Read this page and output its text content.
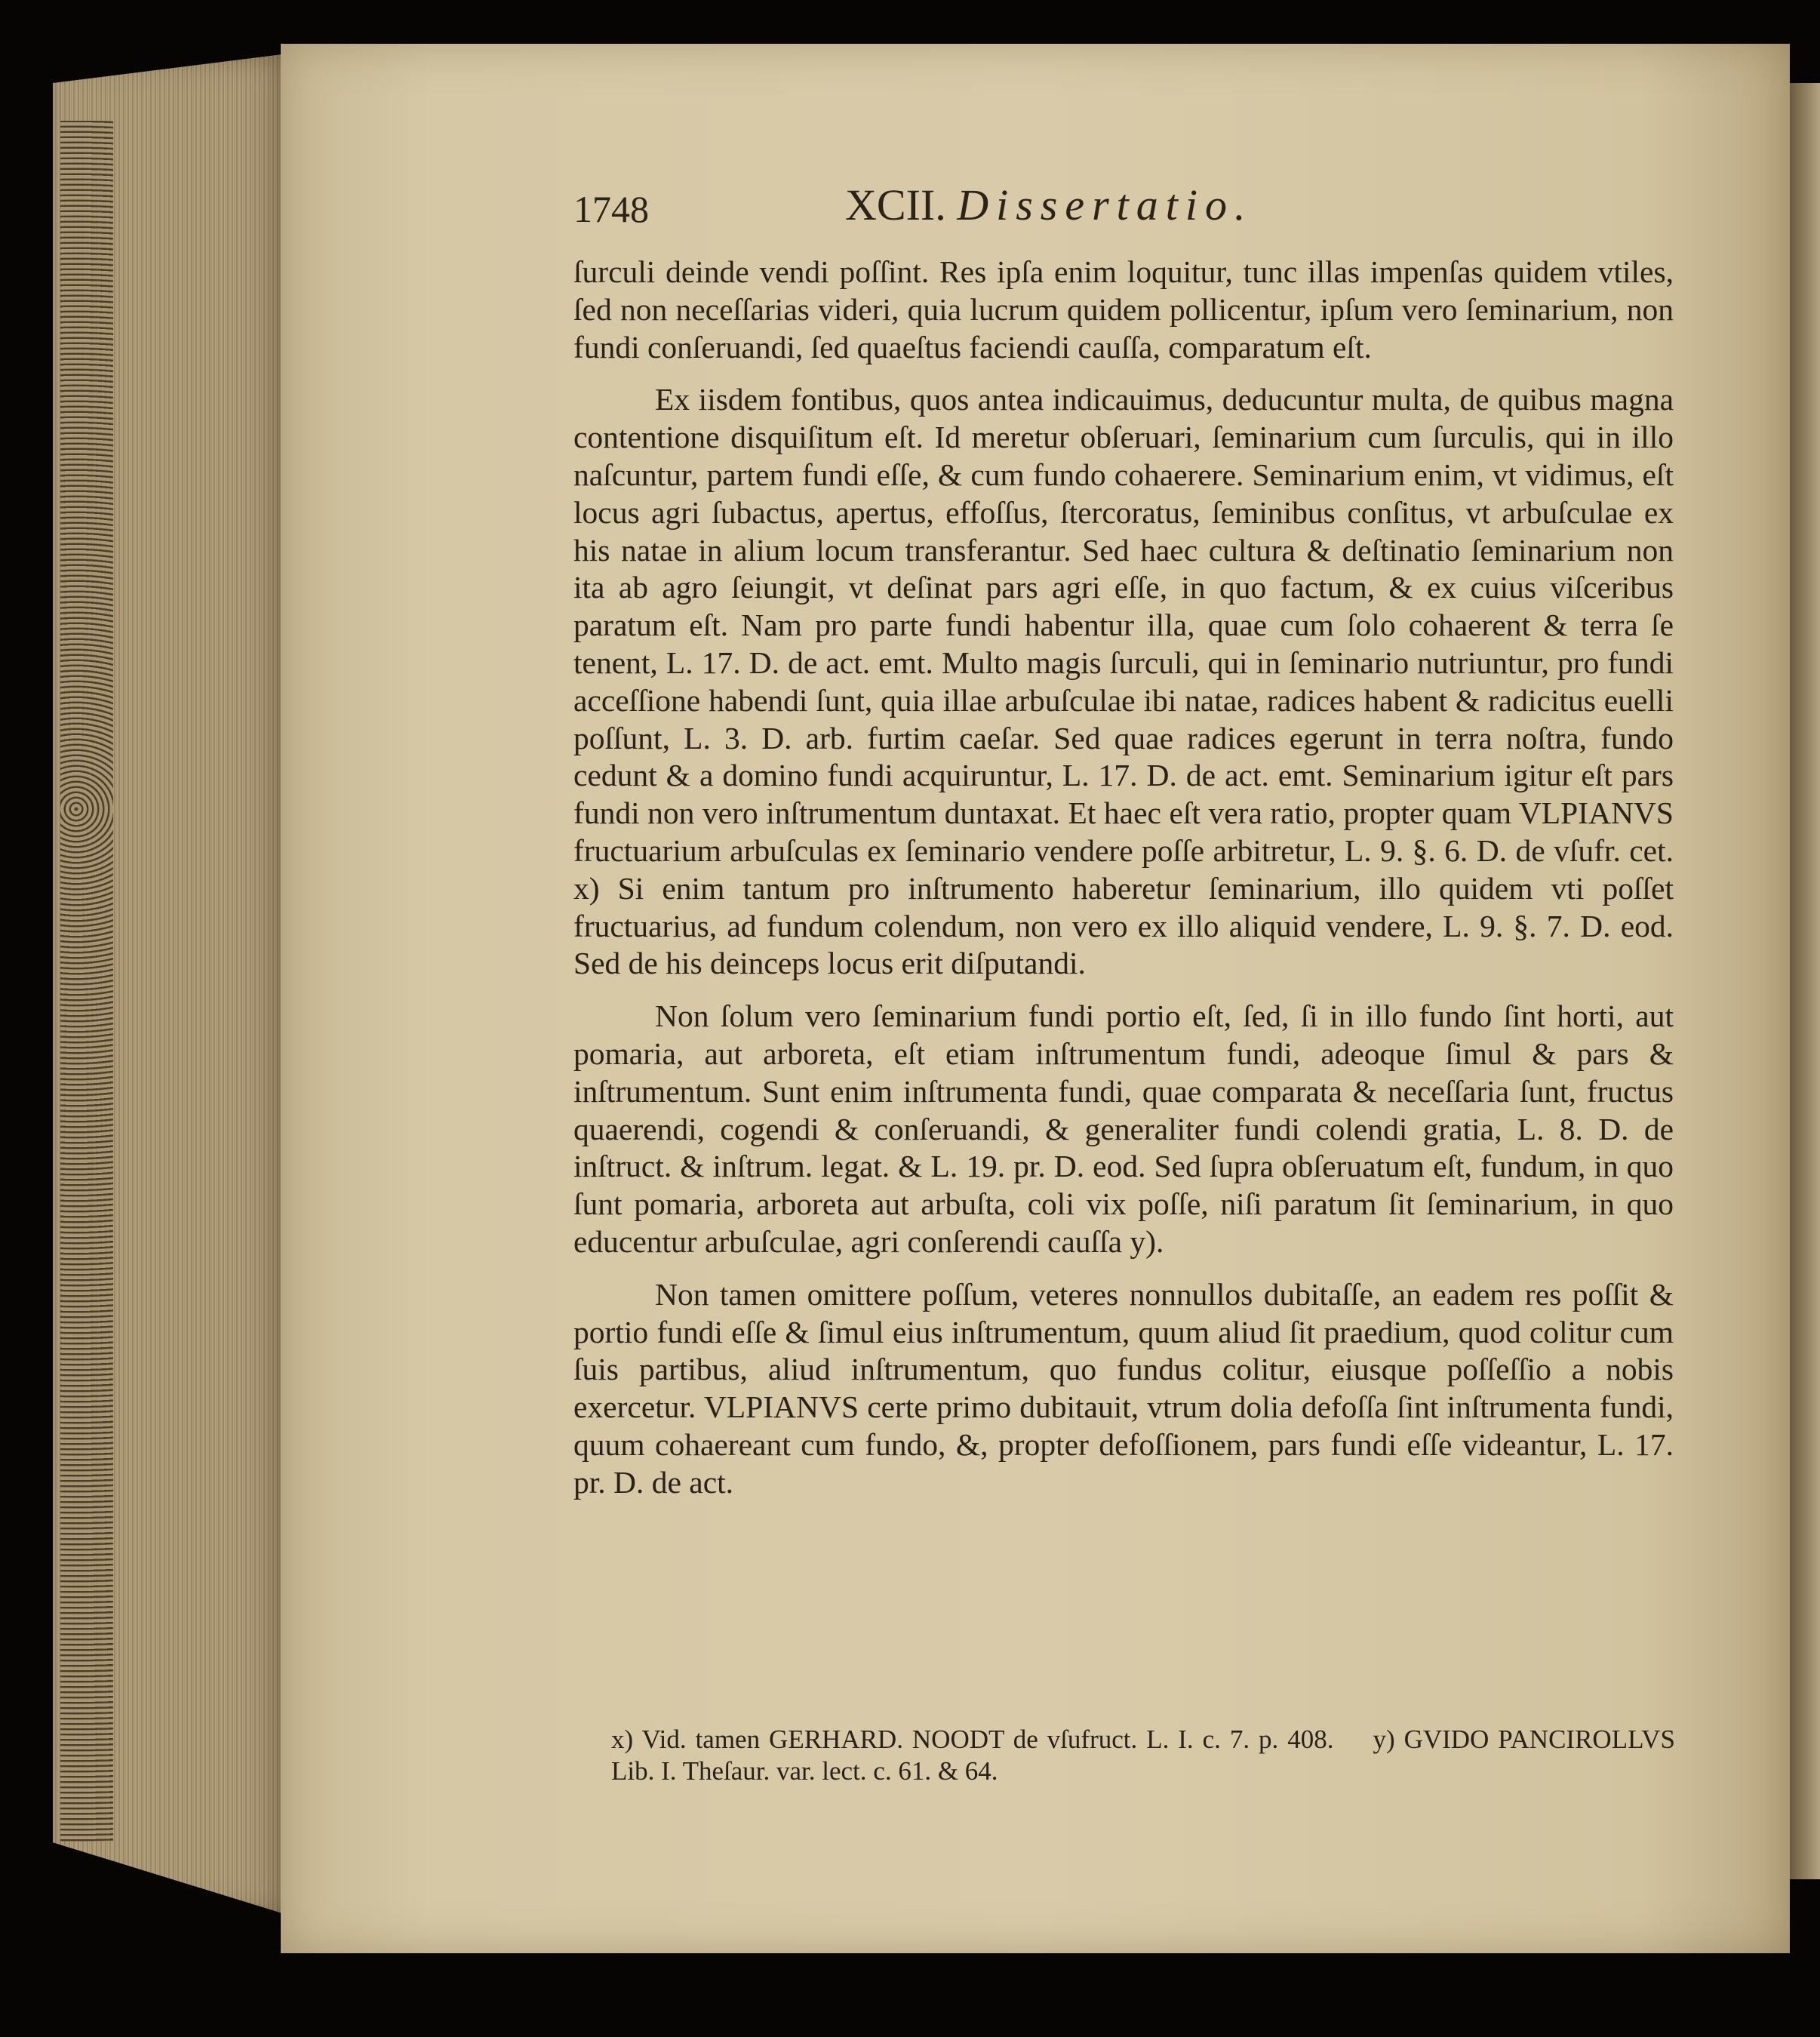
1748	XCII. Dissertatio.

ſurculi deinde vendi poſſint. Res ipſa enim loquitur, tunc illas impenſas quidem vtiles, ſed non neceſſarias videri, quia lucrum quidem pollicentur, ipſum vero ſeminarium, non fundi conſeruandi, ſed quaeſtus faciendi cauſſa, comparatum eſt.

Ex iisdem fontibus, quos antea indicauimus, deducuntur multa, de quibus magna contentione disquiſitum eſt. Id meretur obſeruari, ſeminarium cum ſurculis, qui in illo naſcuntur, partem fundi eſſe, & cum fundo cohaerere. Seminarium enim, vt vidimus, eſt locus agri ſubactus, apertus, effoſſus, ſtercoratus, ſeminibus conſitus, vt arbuſculae ex his natae in alium locum transferantur. Sed haec cultura & deſtinatio ſeminarium non ita ab agro ſeiungit, vt deſinat pars agri eſſe, in quo factum, & ex cuius viſceribus paratum eſt. Nam pro parte fundi habentur illa, quae cum ſolo cohaerent & terra ſe tenent, L. 17. D. de act. emt. Multo magis ſurculi, qui in ſeminario nutriuntur, pro fundi acceſſione habendi ſunt, quia illae arbuſculae ibi natae, radices habent & radicitus euelli poſſunt, L. 3. D. arb. furtim caeſar. Sed quae radices egerunt in terra noſtra, fundo cedunt & a domino fundi acquiruntur, L. 17. D. de act. emt. Seminarium igitur eſt pars fundi non vero inſtrumentum duntaxat. Et haec eſt vera ratio, propter quam VLPIANVS fructuarium arbuſculas ex ſeminario vendere poſſe arbitretur, L. 9. §. 6. D. de vſufr. cet. x) Si enim tantum pro inſtrumento haberetur ſeminarium, illo quidem vti poſſet fructuarius, ad fundum colendum, non vero ex illo aliquid vendere, L. 9. §. 7. D. eod. Sed de his deinceps locus erit diſputandi.

Non ſolum vero ſeminarium fundi portio eſt, ſed, ſi in illo fundo ſint horti, aut pomaria, aut arboreta, eſt etiam inſtrumentum fundi, adeoque ſimul & pars & inſtrumentum. Sunt enim inſtrumenta fundi, quae comparata & neceſſaria ſunt, fructus quaerendi, cogendi & conſeruandi, & generaliter fundi colendi gratia, L. 8. D. de inſtruct. & inſtrum. legat. & L. 19. pr. D. eod. Sed ſupra obſeruatum eſt, fundum, in quo ſunt pomaria, arboreta aut arbuſta, coli vix poſſe, niſi paratum ſit ſeminarium, in quo educentur arbuſculae, agri conſerendi cauſſa y).

Non tamen omittere poſſum, veteres nonnullos dubitaſſe, an eadem res poſſit & portio fundi eſſe & ſimul eius inſtrumentum, quum aliud ſit praedium, quod colitur cum ſuis partibus, aliud inſtrumentum, quo fundus colitur, eiusque poſſeſſio a nobis exercetur. VLPIANVS certe primo dubitauit, vtrum dolia defoſſa ſint inſtrumenta fundi, quum cohaereant cum fundo, &, propter defoſſionem, pars fundi eſſe videantur, L. 17. pr. D. de act.

x) Vid. tamen GERHARD. NOODT de vſufruct. L. I. c. 7. p. 408. y) GVIDO PANCIROLLVS Lib. I. Theſaur. var. lect. c. 61. & 64.
